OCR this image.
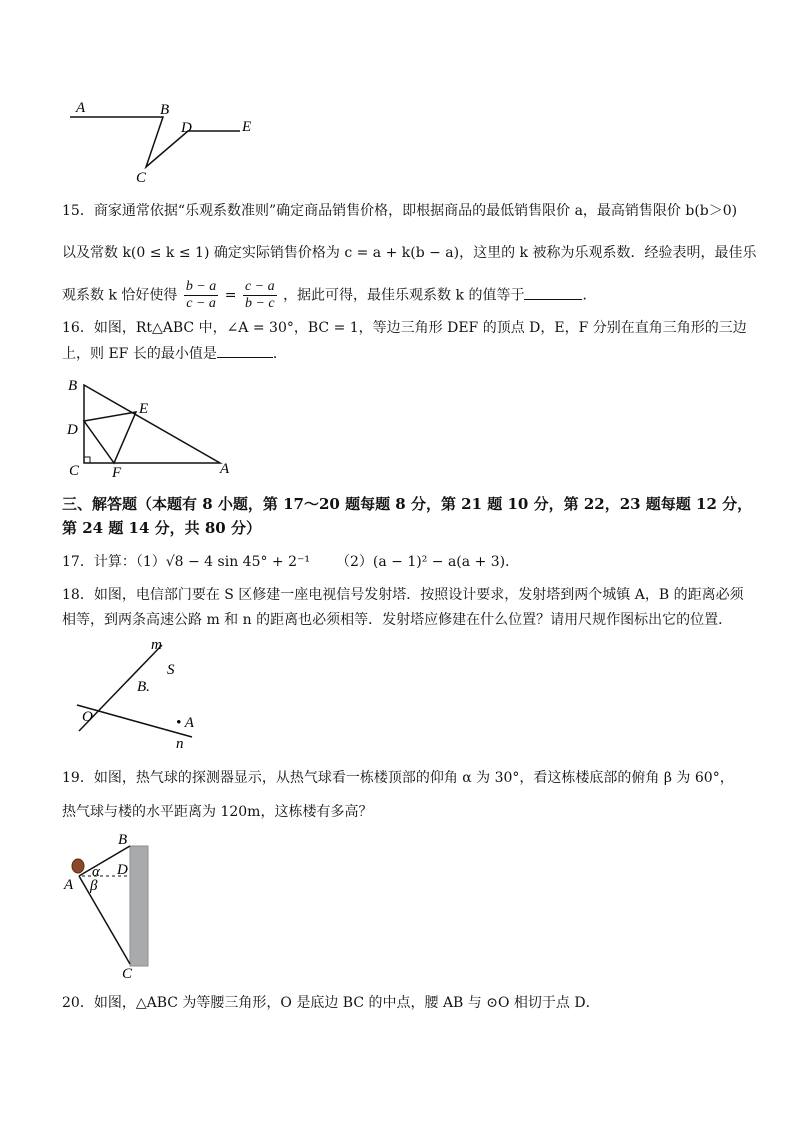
A	B
D	E
C
15．商家通常依据“乐观系数准则”确定商品销售价格，即根据商品的最低销售限价 a，最高销售限价 b(b＞0)
以及常数 k(0 ≤ k ≤ 1) 确定实际销售价格为 c = a + k(b − a)，这里的 k 被称为乐观系数．经验表明，最佳乐
观系数 k 恰好使得 $\frac{b - a}{c - a} = \frac{c - a}{b - c}$ ，据此可得，最佳乐观系数 k 的值等于	．
16．如图，Rt△ABC 中，∠A = 30°，BC = 1，等边三角形 DEF 的顶点 D，E，F 分别在直角三角形的三边
上，则 EF 长的最小值是	．
B
E
D
C F	A
三、解答题（本题有 8 小题，第 17～20 题每题 8 分，第 21 题 10 分，第 22，23 题每题 12 分，
第 24 题 14 分，共 80 分）
17．计算：（1）√8 − 4 sin 45° + 2⁻¹ （2）(a − 1)² − a(a + 3)．
18．如图，电信部门要在 S 区修建一座电视信号发射塔．按照设计要求，发射塔到两个城镇 A，B 的距离必须
相等，到两条高速公路 m 和 n 的距离也必须相等．发射塔应修建在什么位置？请用尺规作图标出它的位置．
m
S
B.
O	• A
n
19．如图，热气球的探测器显示，从热气球看一栋楼顶部的仰角 α 为 30°，看这栋楼底部的俯角 β 为 60°，
热气球与楼的水平距离为 120m，这栋楼有多高？
B
D
α
A β
C
20．如图，△ABC 为等腰三角形，O 是底边 BC 的中点，腰 AB 与 ⊙O 相切于点 D．
